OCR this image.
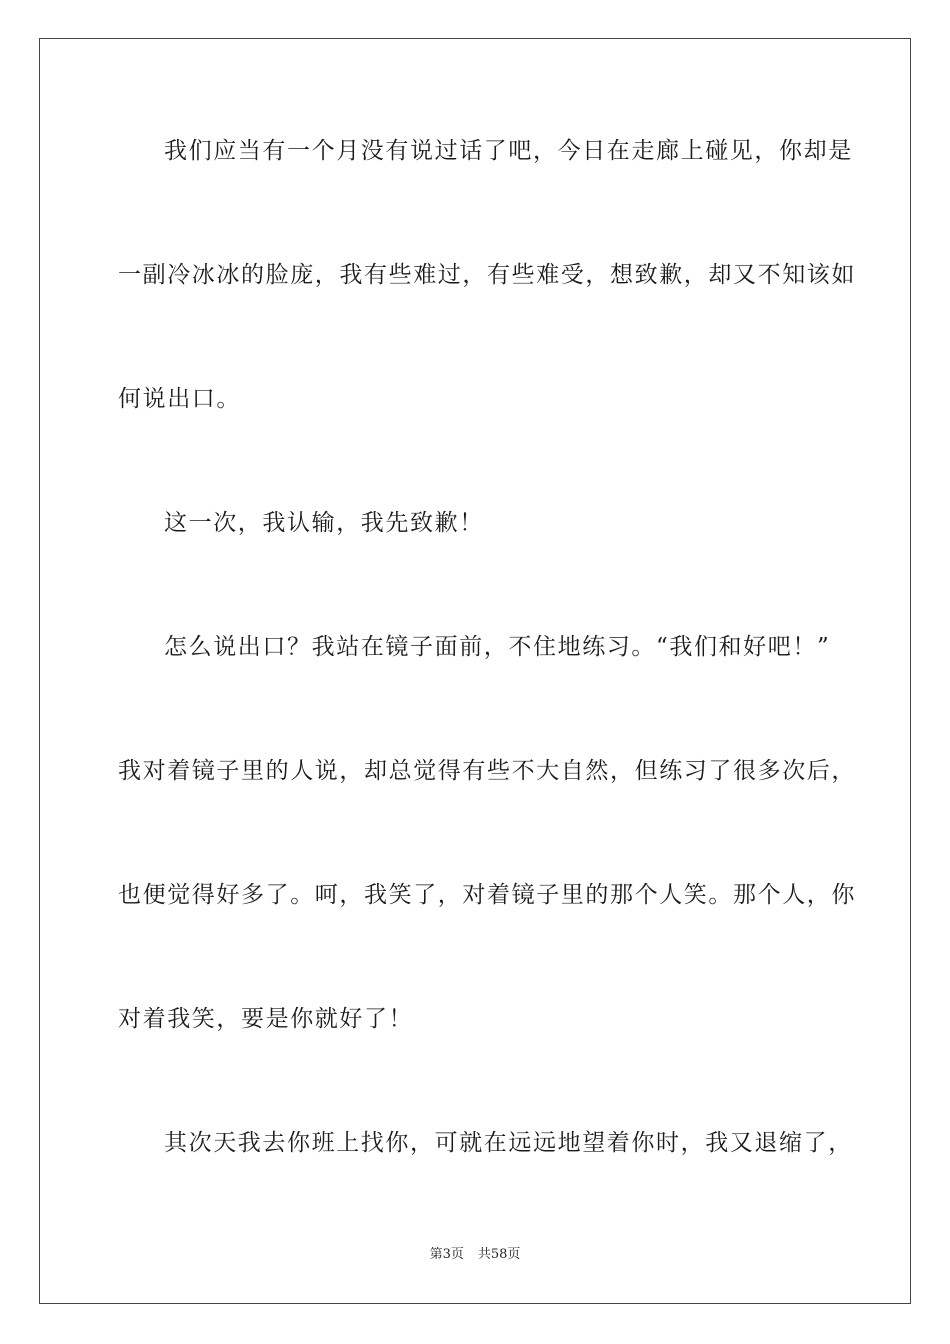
我们应当有一个月没有说过话了吧，今日在走廊上碰见，你却是
一副冷冰冰的脸庞，我有些难过，有些难受，想致歉，却又不知该如
何说出口。
这一次，我认输，我先致歉！
怎么说出口？我站在镜子面前，不住地练习。“我们和好吧！”
我对着镜子里的人说，却总觉得有些不大自然，但练习了很多次后，
也便觉得好多了。呵，我笑了，对着镜子里的那个人笑。那个人，你
对着我笑，要是你就好了！
其次天我去你班上找你，可就在远远地望着你时，我又退缩了，
第3页 共58页
